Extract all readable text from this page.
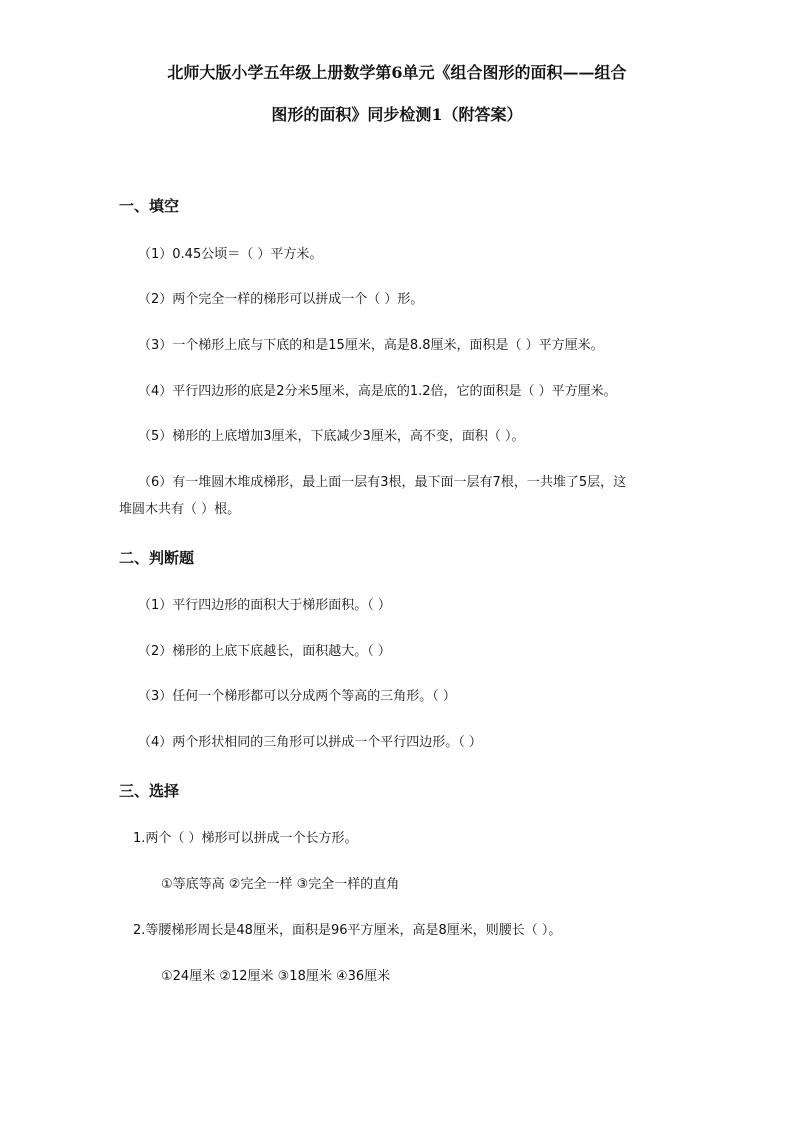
北师大版小学五年级上册数学第6单元《组合图形的面积——组合
图形的面积》同步检测1（附答案）
一、填空
（1）0.45公顷＝（ ）平方米。
（2）两个完全一样的梯形可以拼成一个（ ）形。
（3）一个梯形上底与下底的和是15厘米，高是8.8厘米，面积是（ ）平方厘米。
（4）平行四边形的底是2分米5厘米，高是底的1.2倍，它的面积是（ ）平方厘米。
（5）梯形的上底增加3厘米，下底减少3厘米，高不变，面积（ ）。
（6）有一堆圆木堆成梯形，最上面一层有3根，最下面一层有7根，一共堆了5层，这
堆圆木共有（ ）根。
二、判断题
（1）平行四边形的面积大于梯形面积。（ ）
（2）梯形的上底下底越长，面积越大。（ ）
（3）任何一个梯形都可以分成两个等高的三角形。（ ）
（4）两个形状相同的三角形可以拼成一个平行四边形。（ ）
三、选择
1.两个（ ）梯形可以拼成一个长方形。
①等底等高 ②完全一样 ③完全一样的直角
2.等腰梯形周长是48厘米，面积是96平方厘米，高是8厘米，则腰长（ ）。
①24厘米 ②12厘米 ③18厘米 ④36厘米
